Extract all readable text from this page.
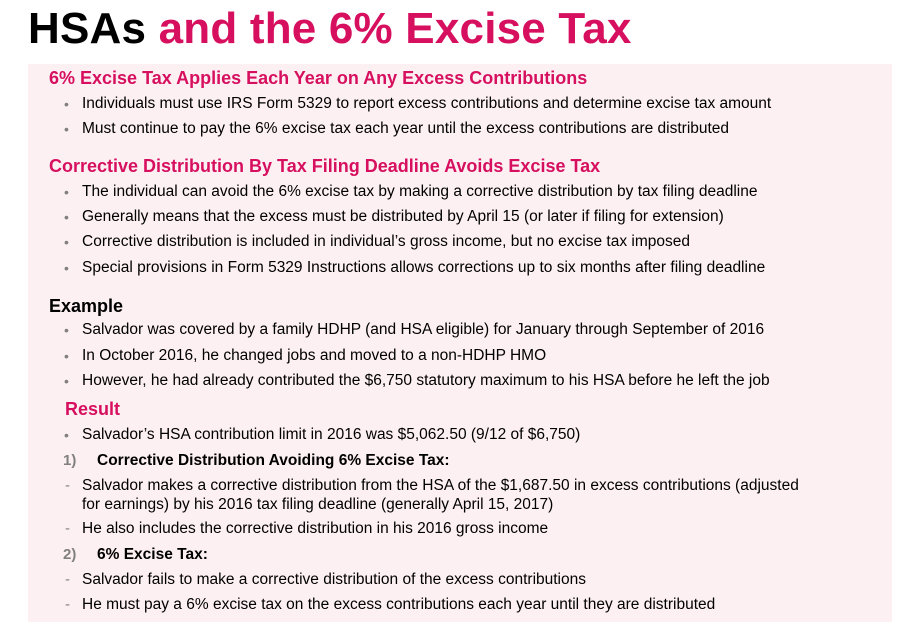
HSAs and the 6% Excise Tax
6% Excise Tax Applies Each Year on Any Excess Contributions
• Individuals must use IRS Form 5329 to report excess contributions and determine excise tax amount
• Must continue to pay the 6% excise tax each year until the excess contributions are distributed
Corrective Distribution By Tax Filing Deadline Avoids Excise Tax
• The individual can avoid the 6% excise tax by making a corrective distribution by tax filing deadline
• Generally means that the excess must be distributed by April 15 (or later if filing for extension)
• Corrective distribution is included in individual’s gross income, but no excise tax imposed
• Special provisions in Form 5329 Instructions allows corrections up to six months after filing deadline
Example
• Salvador was covered by a family HDHP (and HSA eligible) for January through September of 2016
• In October 2016, he changed jobs and moved to a non-HDHP HMO
• However, he had already contributed the $6,750 statutory maximum to his HSA before he left the job
Result
• Salvador’s HSA contribution limit in 2016 was $5,062.50 (9/12 of $6,750)
1) Corrective Distribution Avoiding 6% Excise Tax:
- Salvador makes a corrective distribution from the HSA of the $1,687.50 in excess contributions (adjusted
for earnings) by his 2016 tax filing deadline (generally April 15, 2017)
- He also includes the corrective distribution in his 2016 gross income
2) 6% Excise Tax:
- Salvador fails to make a corrective distribution of the excess contributions
- He must pay a 6% excise tax on the excess contributions each year until they are distributed
